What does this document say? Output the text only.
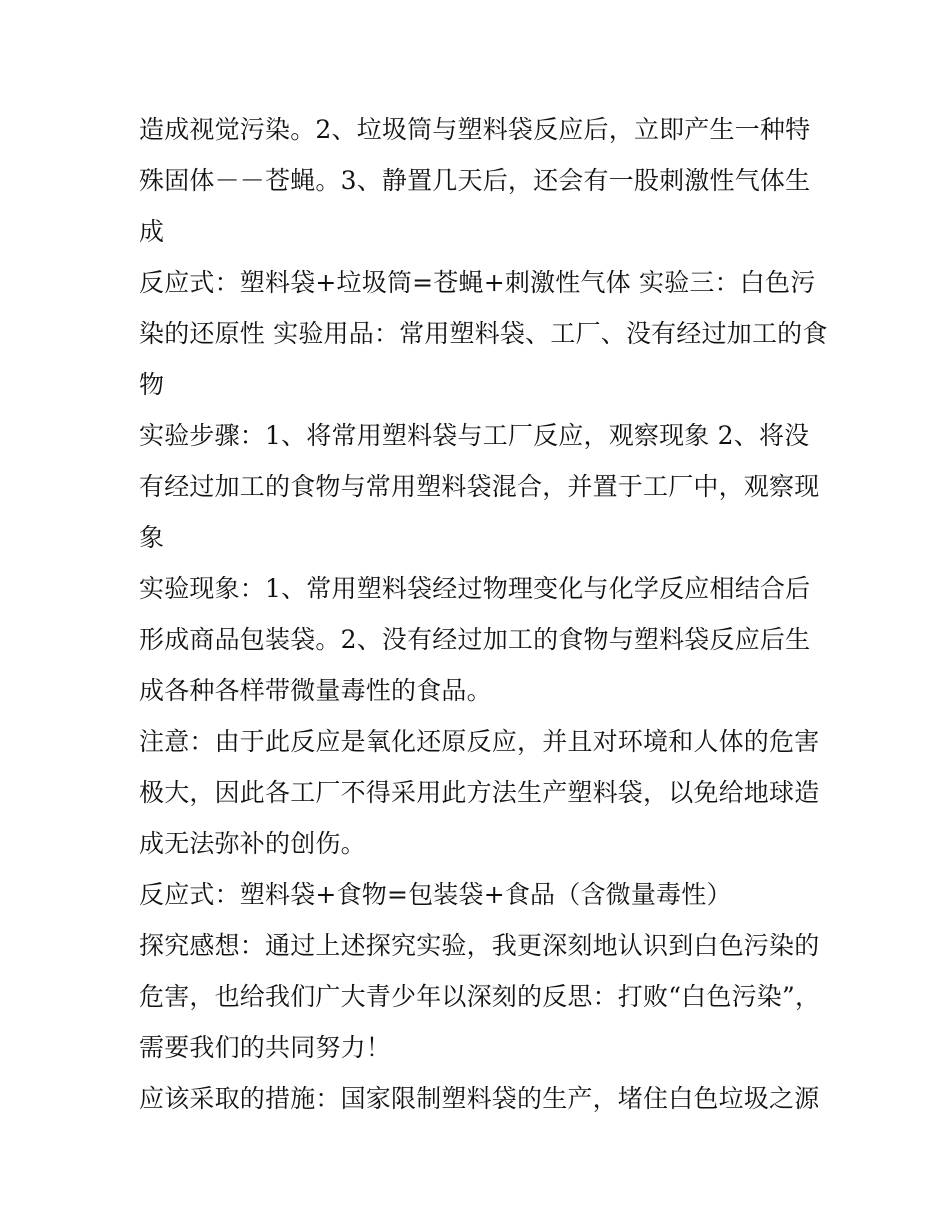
造成视觉污染。2、垃圾筒与塑料袋反应后，立即产生一种特殊固体－－苍蝇。3、静置几天后，还会有一股刺激性气体生成

反应式：塑料袋+垃圾筒=苍蝇+刺激性气体 实验三：白色污染的还原性 实验用品：常用塑料袋、工厂、没有经过加工的食物

实验步骤：1、将常用塑料袋与工厂反应，观察现象 2、将没有经过加工的食物与常用塑料袋混合，并置于工厂中，观察现象

实验现象：1、常用塑料袋经过物理变化与化学反应相结合后形成商品包装袋。2、没有经过加工的食物与塑料袋反应后生成各种各样带微量毒性的食品。

注意：由于此反应是氧化还原反应，并且对环境和人体的危害极大，因此各工厂不得采用此方法生产塑料袋，以免给地球造成无法弥补的创伤。

反应式：塑料袋+食物=包装袋+食品（含微量毒性）

探究感想：通过上述探究实验，我更深刻地认识到白色污染的危害，也给我们广大青少年以深刻的反思：打败“白色污染”，需要我们的共同努力！

应该采取的措施：国家限制塑料袋的生产，堵住白色垃圾之源
